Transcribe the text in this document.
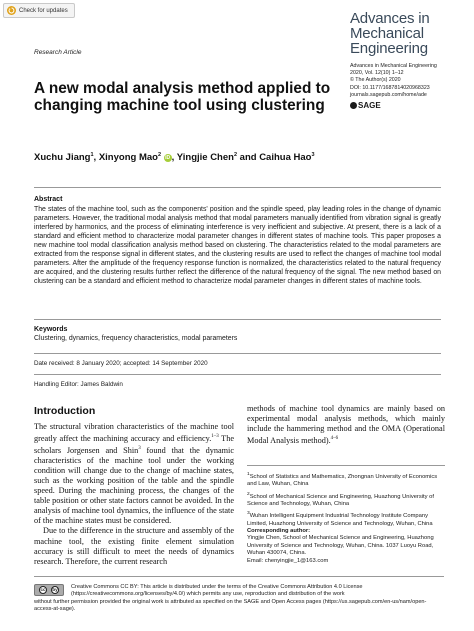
Check for updates	Advances in
Mechanical
Engineering
Advances in Mechanical Engineering
2020, Vol. 12(10) 1–12
© The Author(s) 2020
DOI: 10.1177/1687814020968323
journals.sagepub.com/home/ade
SAGE
Research Article
A new modal analysis method applied to changing machine tool using clustering
Xuchu Jiang$^1$, Xinyong Mao$^2$ iD , Yingjie Chen$^2$ and Caihua Hao$^3$
Abstract

The states of the machine tool, such as the components' position and the spindle speed, play leading roles in the change of dynamic parameters. However, the traditional modal analysis method that modal parameters manually identified from vibration signal is greatly interfered by harmonics, and the process of eliminating interference is very inefficient and subjective. At present, there is a lack of a standard and efficient method to characterize modal parameter changes in different states of machine tools. This paper proposes a new machine tool modal classification analysis method based on clustering. The characteristics related to the modal parameters are extracted from the response signal in different states, and the clustering results are used to reflect the changes of machine tool modal parameters. After the amplitude of the frequency response function is normalized, the characteristics related to the natural frequency are acquired, and the clustering results further reflect the difference of the natural frequency of the signal. The new method based on clustering can be a standard and efficient method to characterize modal parameter changes in different states of machine tools.

Keywords

Clustering, dynamics, frequency characteristics, modal parameters

Date received: 8 January 2020; accepted: 14 September 2020
Handling Editor: James Baldwin
Introduction

The structural vibration characteristics of the machine tool greatly affect the machining accuracy and efficiency.$^{1-3}$ The scholars Jorgensen and Shin$^3$ found that the dynamic characteristics of the machine tool under the working condition will change due to the change of machine states, such as the working position of the table and the spindle speed. During the machining process, the changes of the table position or other state factors cannot be avoided. In the analysis of machine tool dynamics, the influence of the state of the machine states must be considered.

Due to the difference in the structure and assembly of the machine tool, the existing finite element simulation accuracy is still difficult to meet the needs of dynamics research. Therefore, the current research

methods of machine tool dynamics are mainly based on experimental modal analysis methods, which mainly include the hammering method and the OMA (Operational Modal Analysis method).$^{4-6}$

$^1$School of Statistics and Mathematics, Zhongnan University of Economics and Law, Wuhan, China
$^2$School of Mechanical Science and Engineering, Huazhong University of Science and Technology, Wuhan, China
$^3$Wuhan Intelligent Equipment Industrial Technology Institute Company Limited, Huazhong University of Science and Technology, Wuhan, China
Corresponding author:
Yingjie Chen, School of Mechanical Science and Engineering, Huazhong University of Science and Technology, Wuhan, China. 1037 Luoyu Road, Wuhan 430074, China.
Email: chenyingjie_1@163.com
cc	by	Creative Commons CC BY: This article is distributed under the terms of the Creative Commons Attribution 4.0 License (https://creativecommons.org/licenses/by/4.0/) which permits any use, reproduction and distribution of the work
without further permission provided the original work is attributed as specified on the SAGE and Open Access pages (https://us.sagepub.com/en-us/nam/open-access-at-sage).
